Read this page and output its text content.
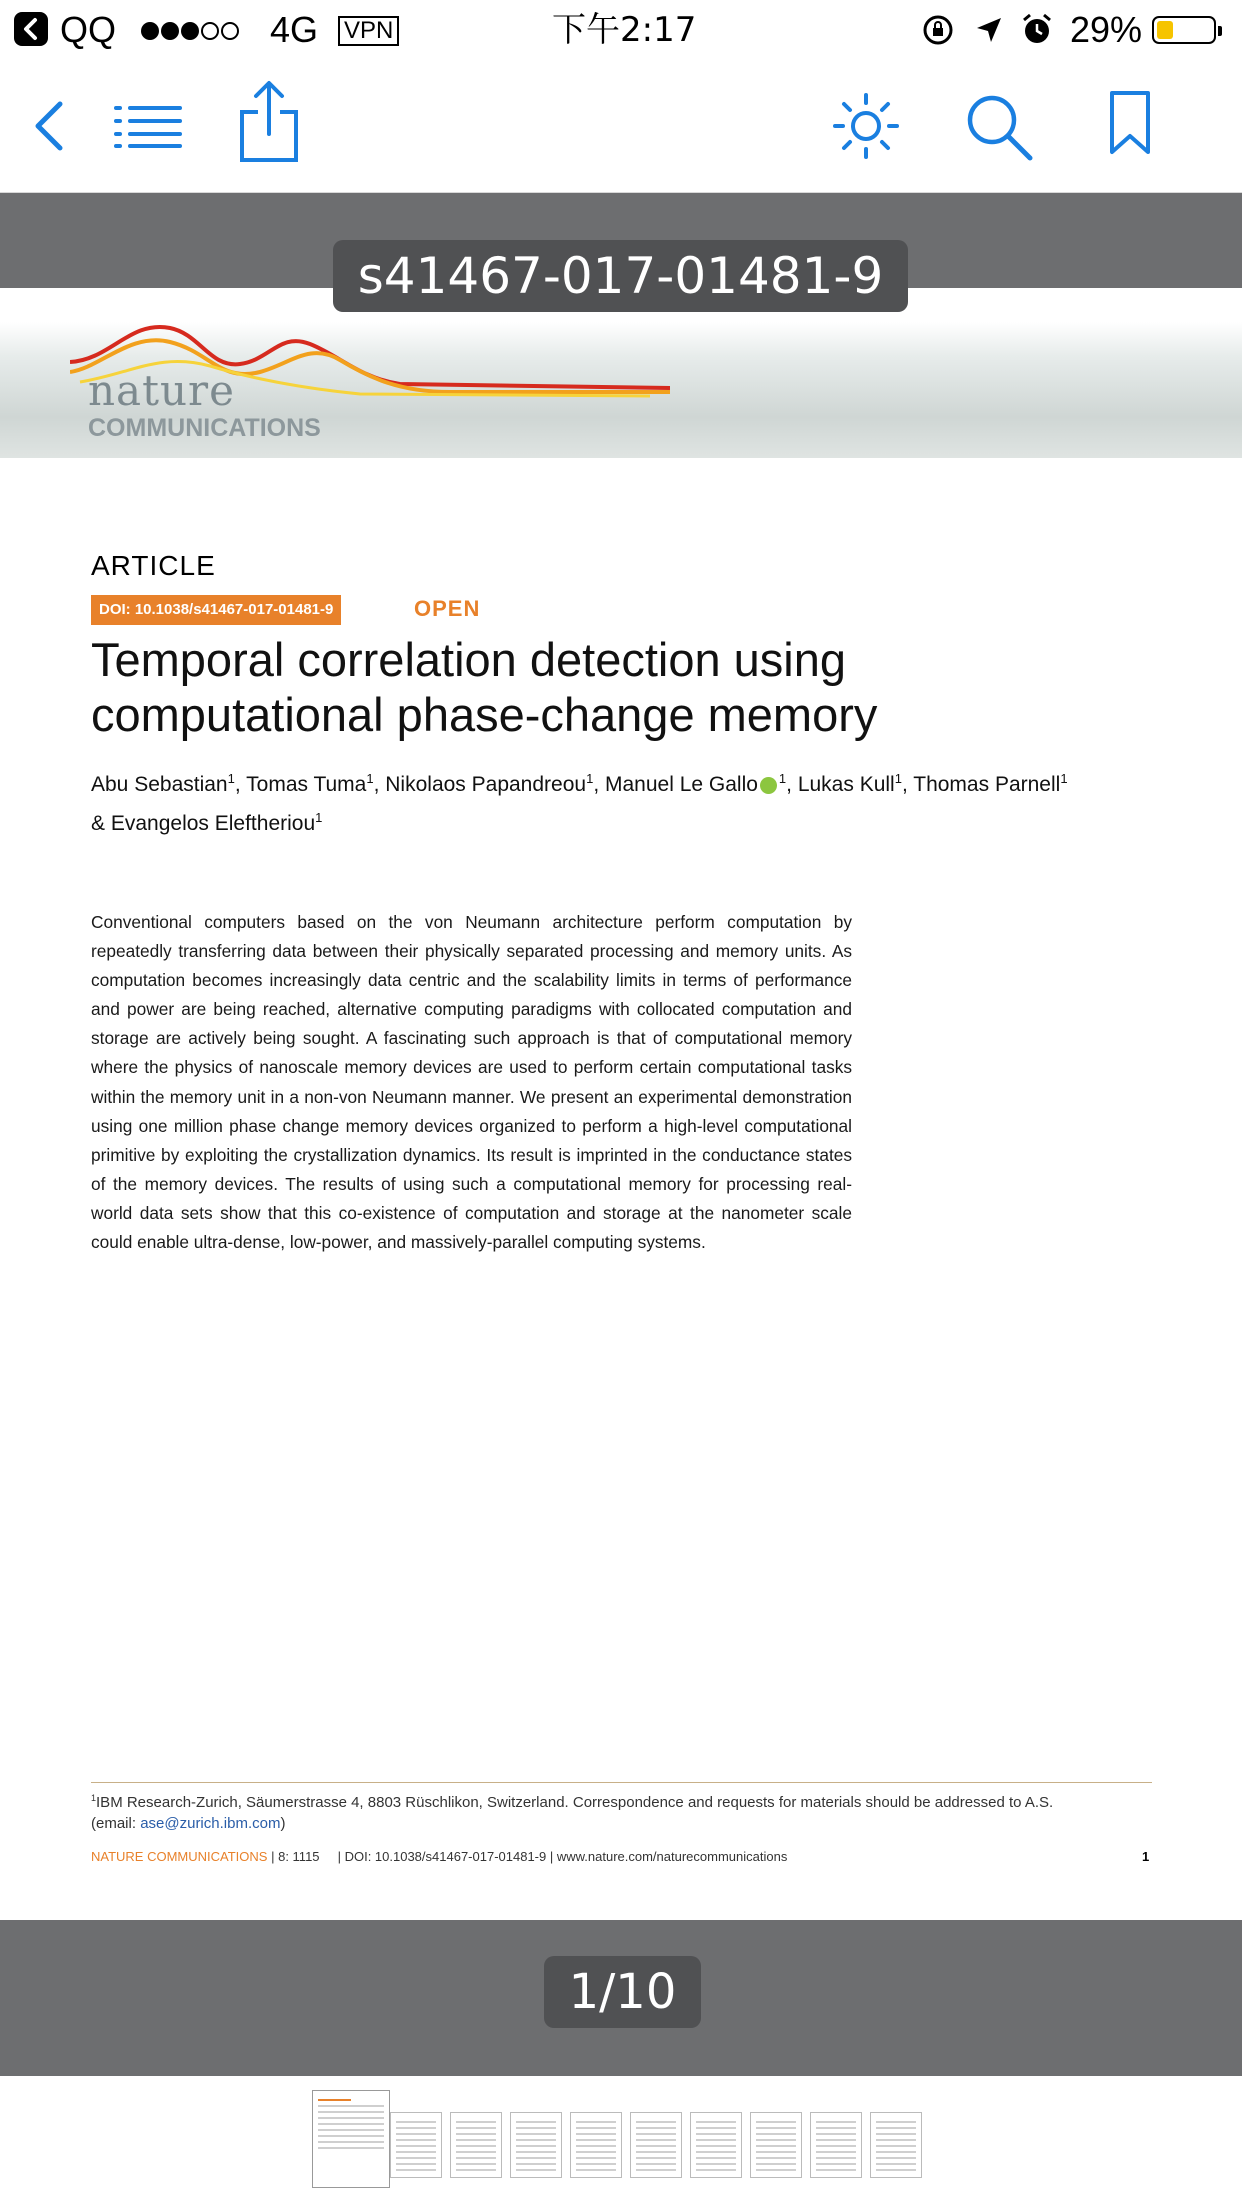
QQ	4G VPN	下午2:17	29%
s41467-017-01481-9
nature
COMMUNICATIONS
ARTICLE
DOI: 10.1038/s41467-017-01481-9	OPEN
Temporal correlation detection using
computational phase-change memory
Abu Sebastian$^1$, Tomas Tuma$^1$, Nikolaos Papandreou$^1$, Manuel Le Gallo $^1$, Lukas Kull$^1$, Thomas Parnell$^1$
& Evangelos Eleftheriou$^1$
Conventional computers based on the von Neumann architecture perform computation by repeatedly transferring data between their physically separated processing and memory units. As computation becomes increasingly data centric and the scalability limits in terms of performance and power are being reached, alternative computing paradigms with collocated computation and storage are actively being sought. A fascinating such approach is that of computational memory where the physics of nanoscale memory devices are used to perform certain computational tasks within the memory unit in a non-von Neumann manner. We present an experimental demonstration using one million phase change memory devices organized to perform a high-level computational primitive by exploiting the crystallization dynamics. Its result is imprinted in the conductance states of the memory devices. The results of using such a computational memory for processing real-world data sets show that this co-existence of computation and storage at the nanometer scale could enable ultra-dense, low-power, and massively-parallel computing systems.
$^1$IBM Research-Zurich, Säumerstrasse 4, 8803 Rüschlikon, Switzerland. Correspondence and requests for materials should be addressed to A.S. (email: ase@zurich.ibm.com)
NATURE COMMUNICATIONS | 8: 1115 | DOI: 10.1038/s41467-017-01481-9 | www.nature.com/naturecommunications	1
1/10
